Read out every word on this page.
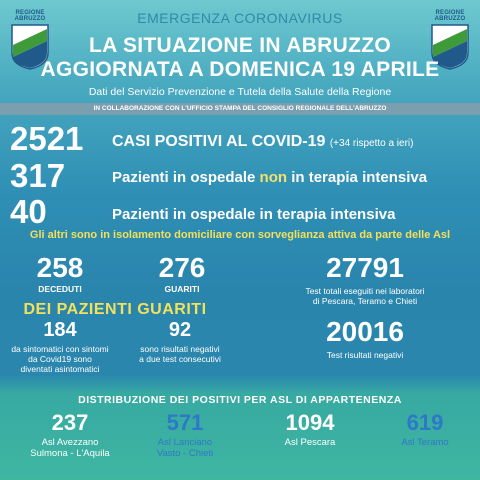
REGIONE ABRUZZO
REGIONE ABRUZZO
EMERGENZA CORONAVIRUS
LA SITUAZIONE IN ABRUZZO
AGGIORNATA A DOMENICA 19 APRILE
Dati del Servizio Prevenzione e Tutela della Salute della Regione
IN COLLABORAZIONE CON L'UFFICIO STAMPA DEL CONSIGLIO REGIONALE DELL'ABRUZZO
2521 CASI POSITIVI AL COVID-19 (+34 rispetto a ieri)
317	Pazienti in ospedale non in terapia intensiva
40	Pazienti in ospedale in terapia intensiva
Gli altri sono in isolamento domiciliare con sorveglianza attiva da parte delle Asl
258
DECEDUTI
276
GUARITI
DEI PAZIENTI GUARITI
184
da sintomatici con sintomi
da Covid19 sono
diventati asintomatici
92
sono risultati negativi
a due test consecutivi
27791
Test totali eseguiti nei laboratori
di Pescara, Teramo e Chieti
20016
Test risultati negativi
DISTRIBUZIONE DEI POSITIVI PER ASL DI APPARTENENZA
237
Asl Avezzano
Sulmona - L'Aquila
571
Asl Lanciano
Vasto - Chieti
1094
Asl Pescara
619
Asl Teramo
